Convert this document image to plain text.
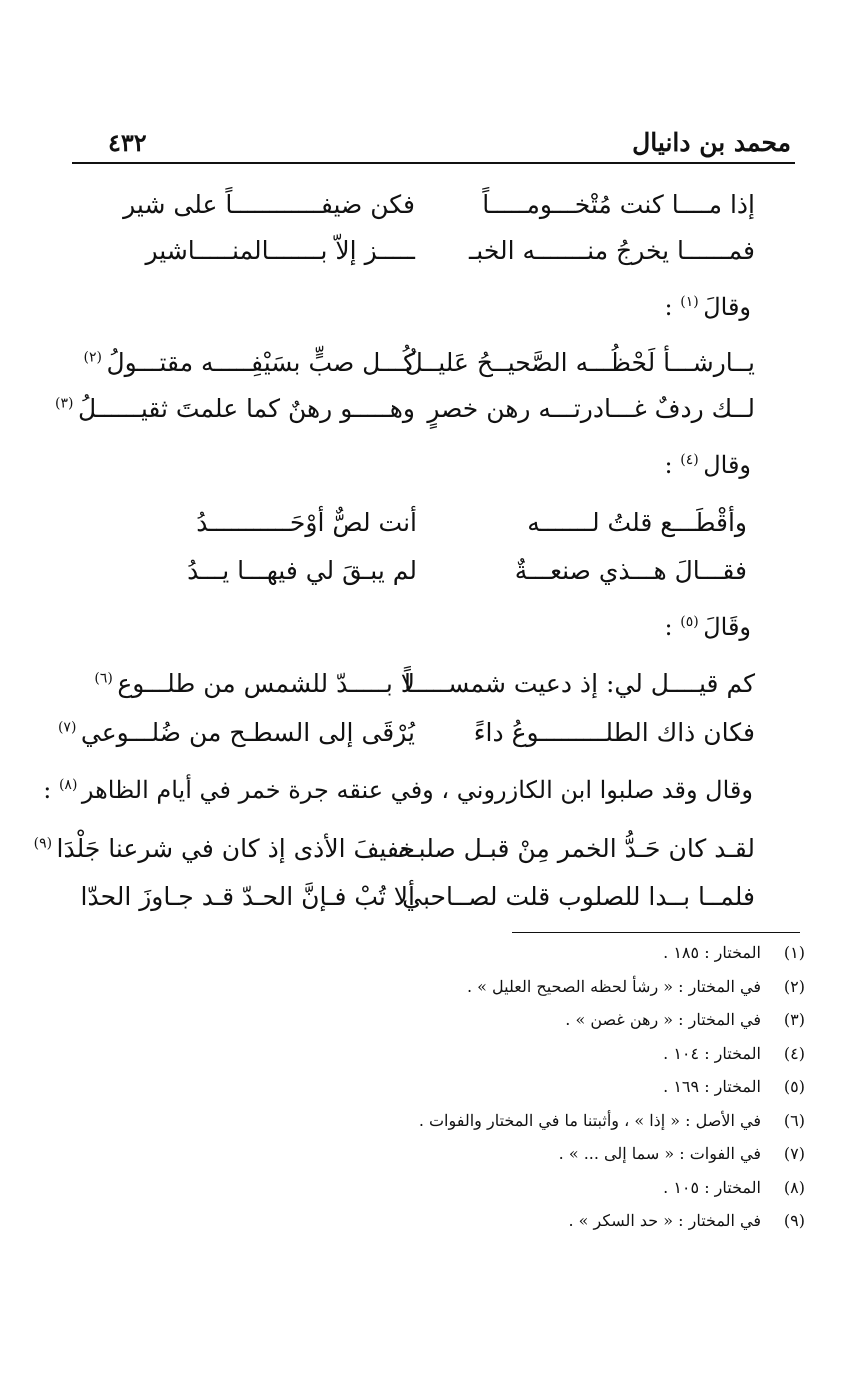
محمد بن دانيال
٤٣٢
إذا مــــا كنت مُتْخـــومـــــاً
فكن ضيفــــــــــــاً على شير
فمــــــا يخرجُ منـــــــه الخبـ
ـــــز إلاّ بـــــــالمنـــــاشير
وقالَ $^{(١)}$ :
يــارشـــأ لَحْظُـــه الصَّحيــحُ عَليــلُ
كُـــل صبٍّ بسَيْفِـــــه مقتـــولُ $^{(٢)}$
لــك ردفٌ غـــادرتـــه رهن خصرٍ
وهـــــو رهنٌ كما علمتَ ثقيــــــلُ $^{(٣)}$
وقال $^{(٤)}$ :
وأقْطَـــع قلتُ لـــــــه
أنت لصٌّ أوْحَـــــــــــدُ
فقـــالَ هـــذي صنعـــةٌ
لم يبـقَ لي فيهـــا يـــدُ
وقَالَ $^{(٥)}$ :
كم قيــــل لي: إذ دعيت شمســـــاً
لا بـــــدّ للشمس من طلـــوع $^{(٦)}$
فكان ذاك الطلـــــــــوعُ داءً
يُرْقَى إلى السطـح من ضُلـــوعي $^{(٧)}$
وقال وقد صلبوا ابن الكازروني ، وفي عنقه جرة خمر في أيام الظاهر $^{(٨)}$ :
لقـد كان حَـدُّ الخمر مِنْ قبـل صلبـه
خفيفَ الأذى إذ كان في شرعنا جَلْدَا $^{(٩)}$
فلمــا بــدا للصلوب قلت لصــاحبي
ألا تُبْ فـإنَّ الحـدّ قـد جـاوزَ الحدّا
(١)المختار : ١٨٥ .
(٢)في المختار : « رشأ لحظه الصحيح العليل » .
(٣)في المختار : « رهن غصن » .
(٤)المختار : ١٠٤ .
(٥)المختار : ١٦٩ .
(٦)في الأصل : « إذا » ، وأثبتنا ما في المختار والفوات .
(٧)في الفوات : « سما إلى ... » .
(٨)المختار : ١٠٥ .
(٩)في المختار : « حد السكر » .
